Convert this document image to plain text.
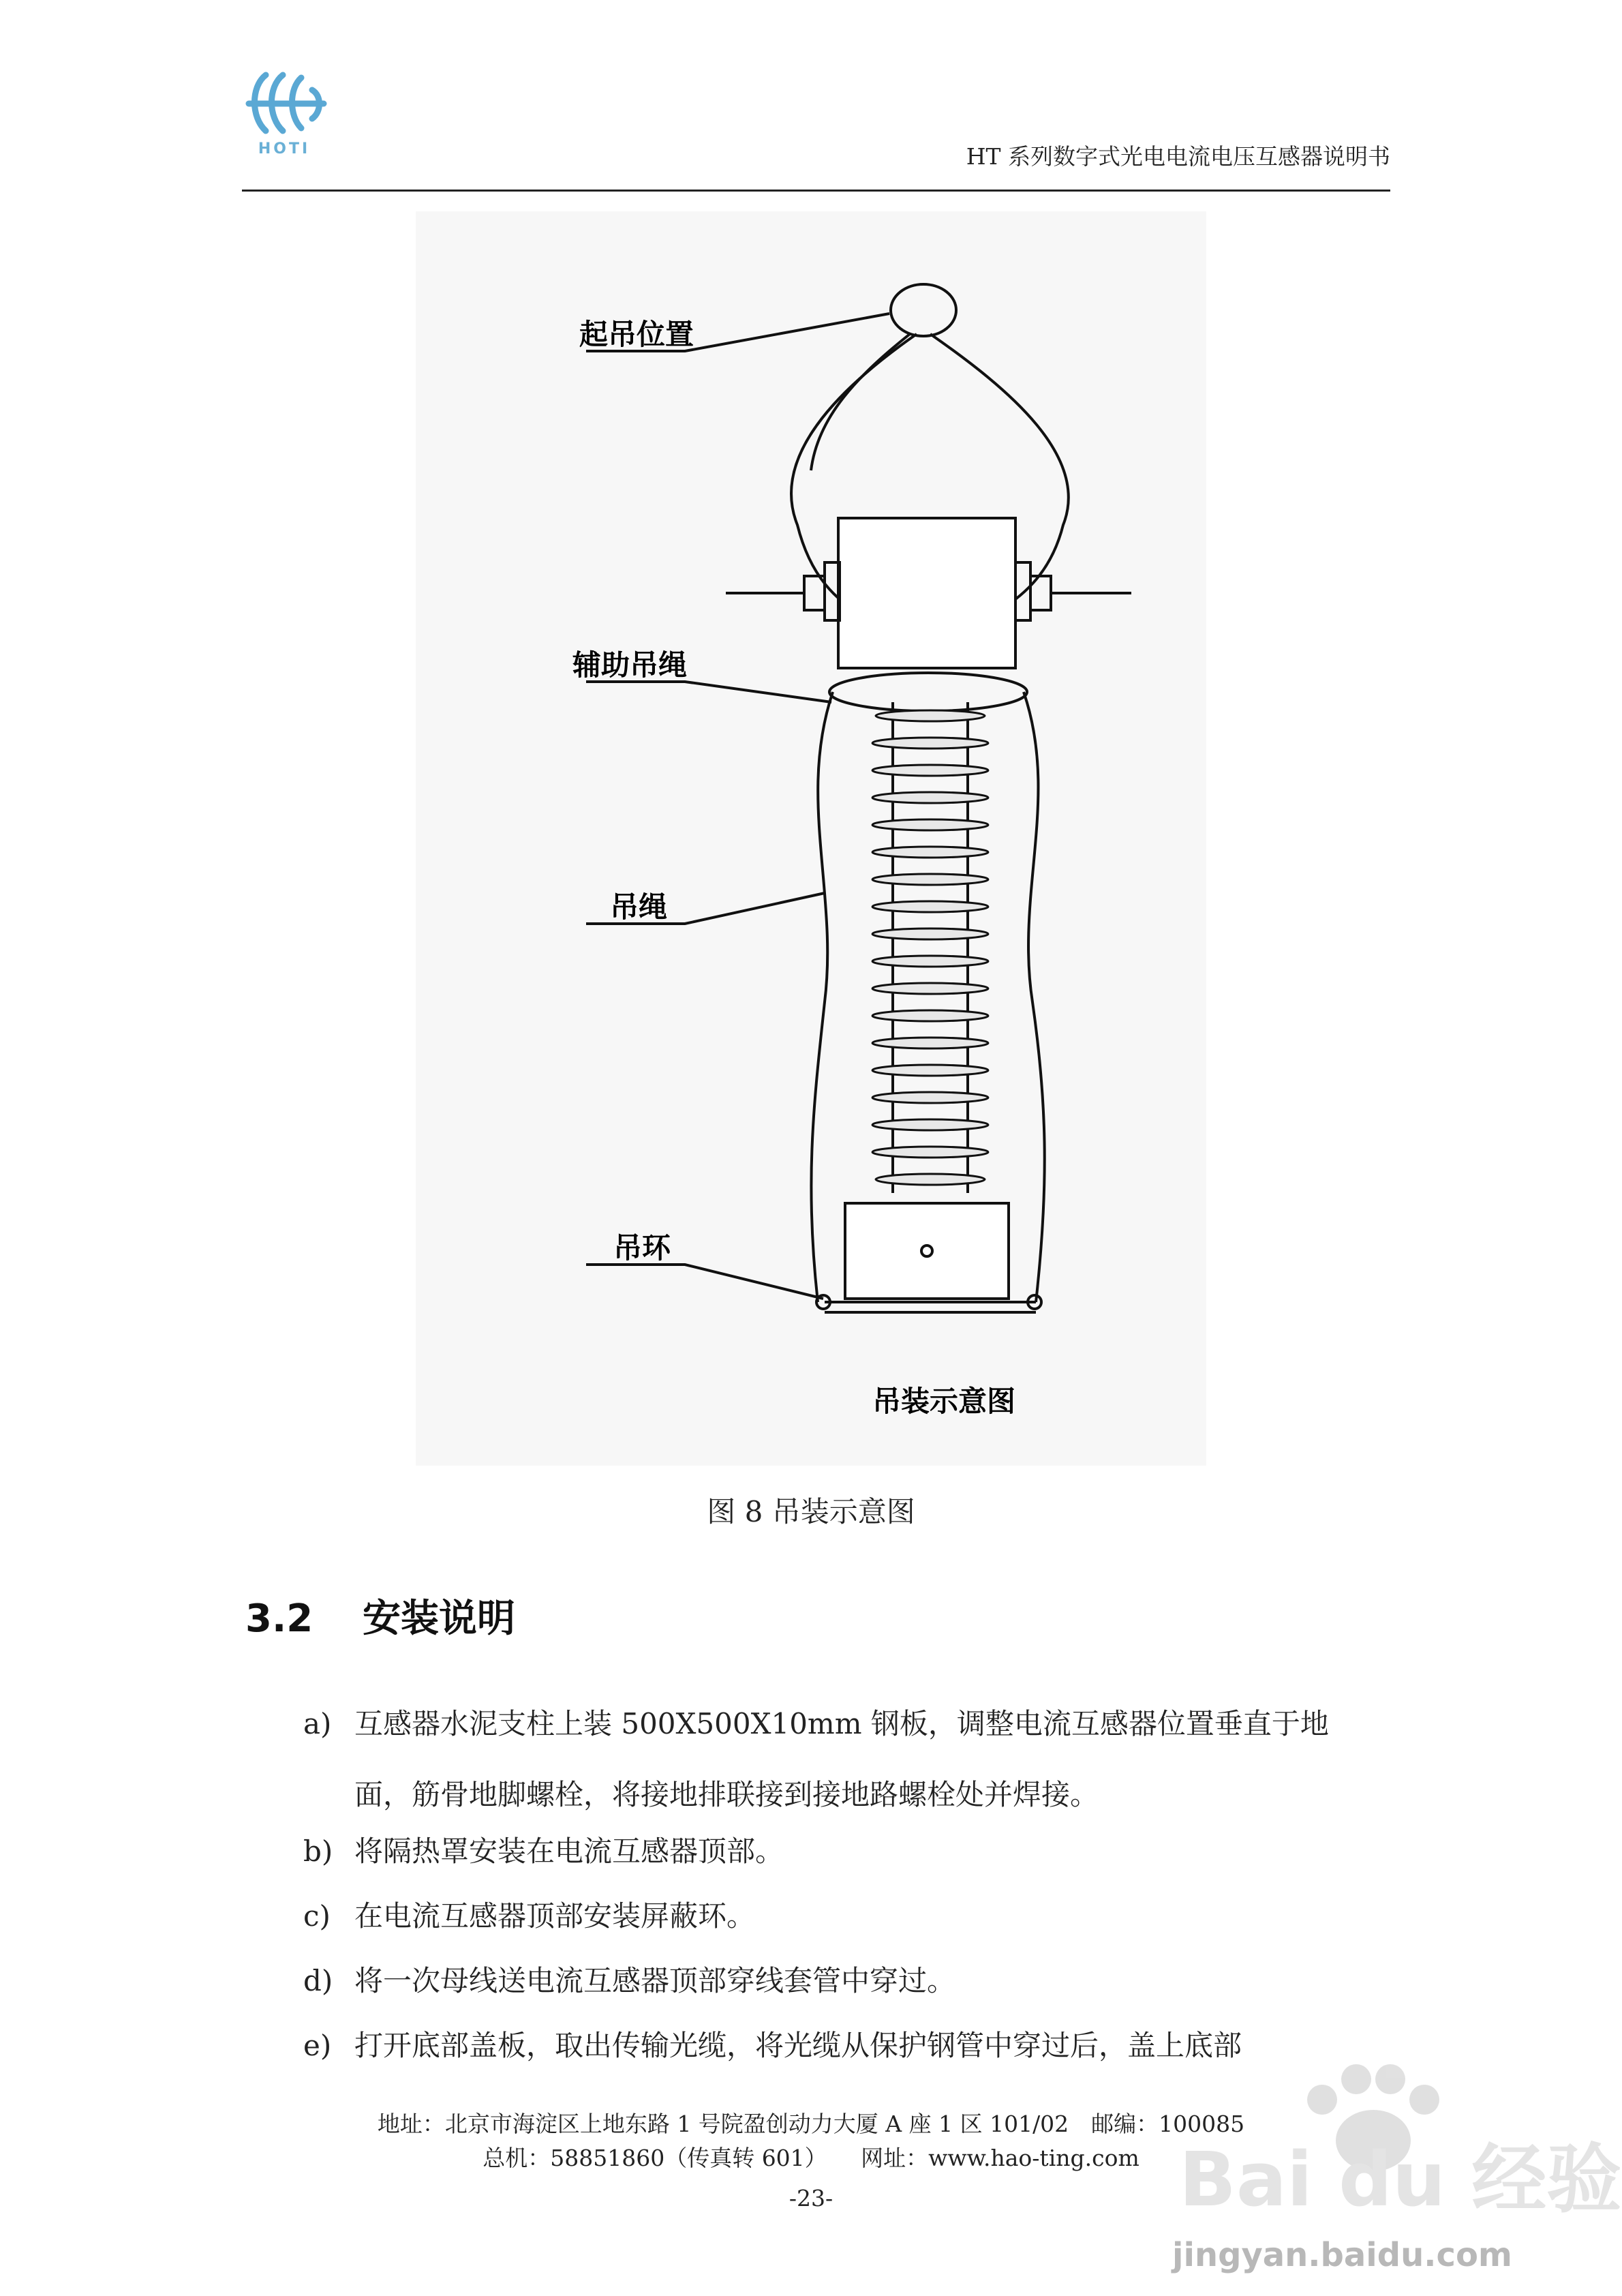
HOTI	HT 系列数字式光电电流电压互感器说明书
起吊位置
辅助吊绳
吊绳
吊环
吊装示意图
图 8 吊装示意图
3.2 安装说明
a) 互感器水泥支柱上装 500X500X10mm 钢板，调整电流互感器位置垂直于地
面，筋骨地脚螺栓，将接地排联接到接地路螺栓处并焊接。
b) 将隔热罩安装在电流互感器顶部。
c) 在电流互感器顶部安装屏蔽环。
d) 将一次母线送电流互感器顶部穿线套管中穿过。
e) 打开底部盖板，取出传输光缆，将光缆从保护钢管中穿过后，盖上底部
地址：北京市海淀区上地东路 1 号院盈创动力大厦 A 座 1 区 101/02　邮编：100085
总机：58851860（传真转 601）　　网址：www.hao-ting.com
-23-	Bai du 经验
jingyan.baidu.com
